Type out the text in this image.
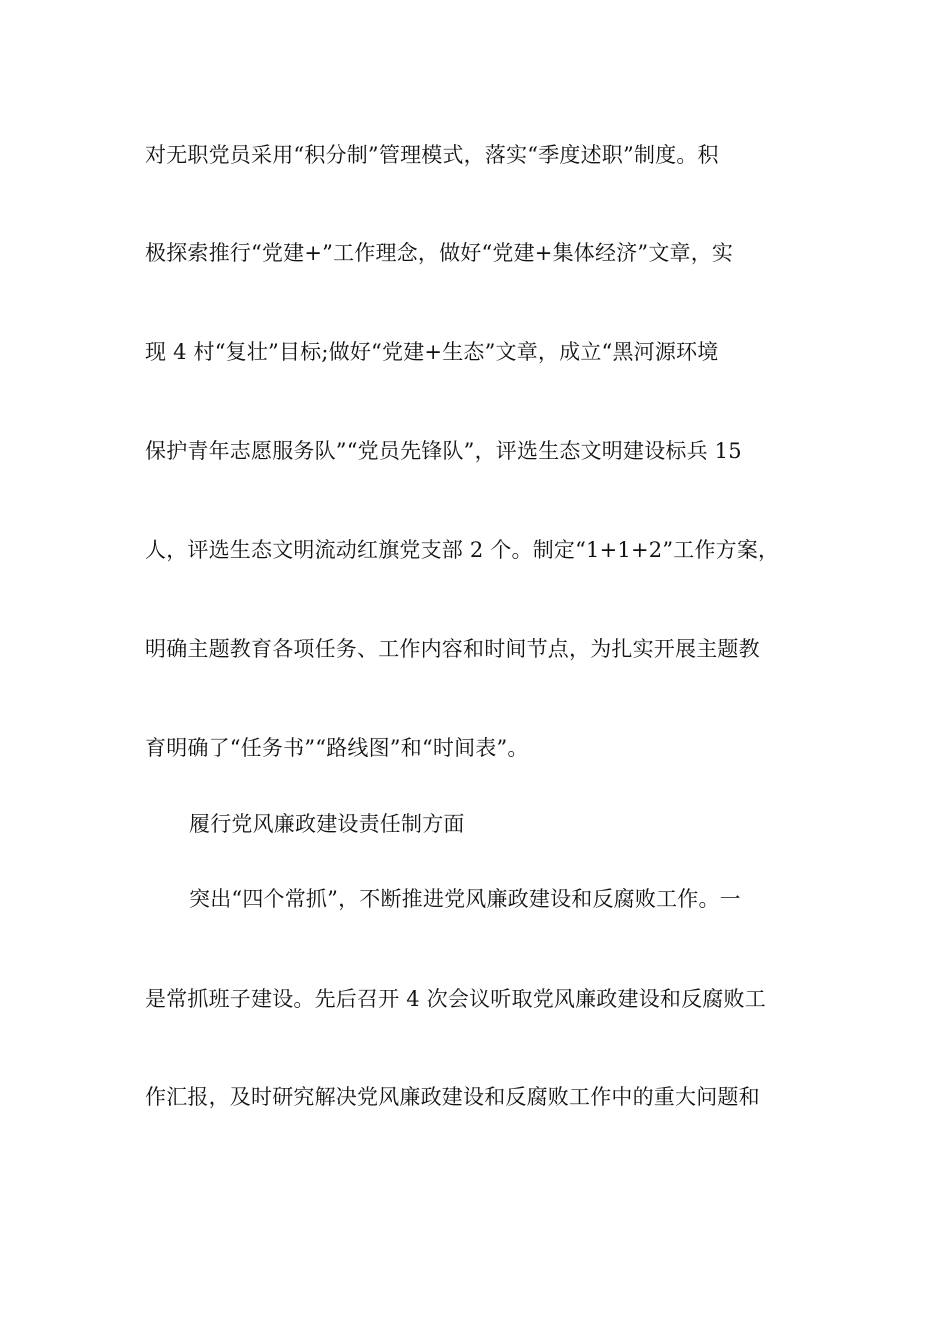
对无职党员采用“积分制”管理模式，落实“季度述职”制度。积
极探索推行“党建+”工作理念，做好“党建+集体经济”文章，实
现 4 村“复壮”目标;做好“党建+生态”文章，成立“黑河源环境
保护青年志愿服务队”“党员先锋队”，评选生态文明建设标兵 15
人，评选生态文明流动红旗党支部 2 个。制定“1+1+2”工作方案，
明确主题教育各项任务、工作内容和时间节点，为扎实开展主题教
育明确了“任务书”“路线图”和“时间表”。
履行党风廉政建设责任制方面
突出“四个常抓”，不断推进党风廉政建设和反腐败工作。一
是常抓班子建设。先后召开 4 次会议听取党风廉政建设和反腐败工
作汇报，及时研究解决党风廉政建设和反腐败工作中的重大问题和
